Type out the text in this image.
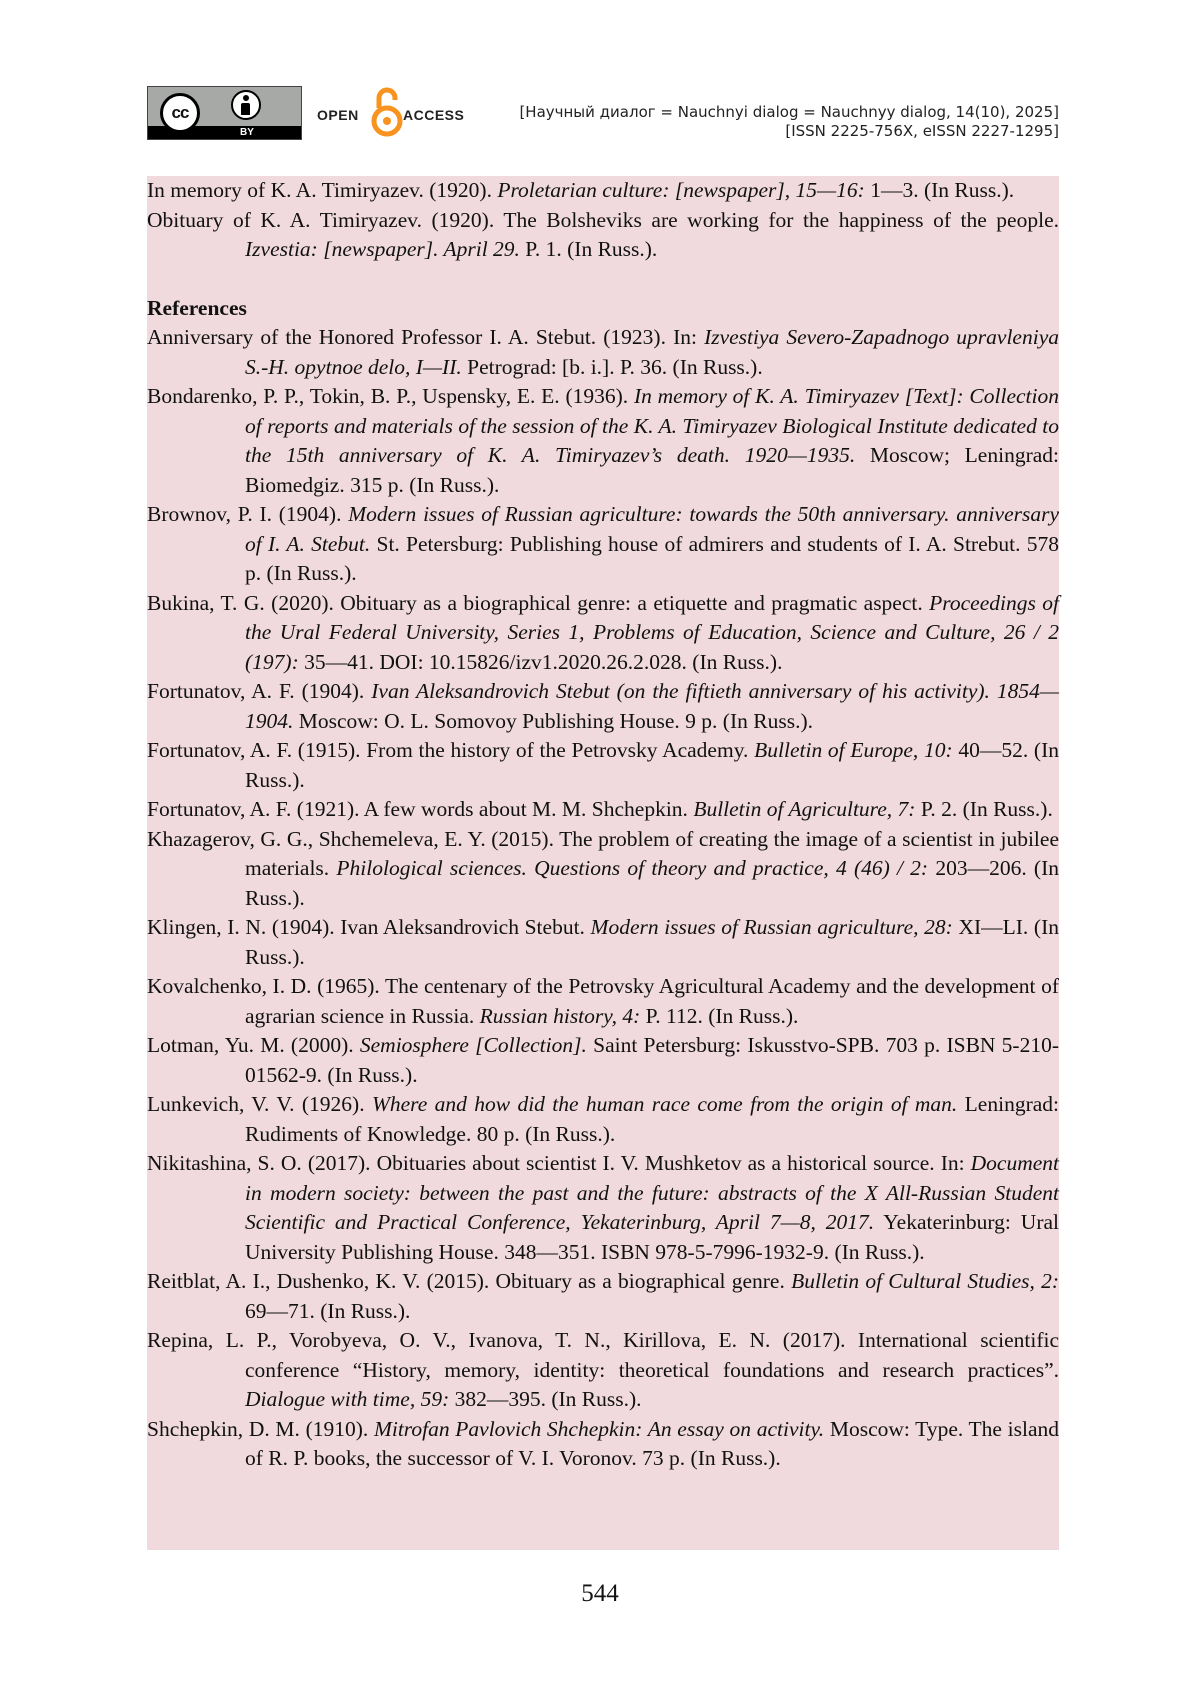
cc
BY
OPEN	ACCESS	[Научный диалог = Nauchnyi dialog = Nauchnyy dialog, 14(10), 2025]
[ISSN 2225-756X, eISSN 2227-1295]

In memory of K. A. Timiryazev. (1920). Proletarian culture: [newspaper], 15—16: 1—3. (In Russ.).

Obituary of K. A. Timiryazev. (1920). The Bolsheviks are working for the happiness of the people. Izvestia: [newspaper]. April 29. P. 1. (In Russ.).

References

Anniversary of the Honored Professor I. A. Stebut. (1923). In: Izvestiya Severo-Zapadnogo upravleniya S.-H. opytnoe delo, I—II. Petrograd: [b. i.]. P. 36. (In Russ.).

Bondarenko, P. P., Tokin, B. P., Uspensky, E. E. (1936). In memory of K. A. Timiryazev [Text]: Collection of reports and materials of the session of the K. A. Timiryazev Biological Institute dedicated to the 15th anniversary of K. A. Timiryazev’s death. 1920—1935. Moscow; Leningrad: Biomedgiz. 315 p. (In Russ.).

Brownov, P. I. (1904). Modern issues of Russian agriculture: towards the 50th anniversary. anniversary of I. A. Stebut. St. Petersburg: Publishing house of admirers and students of I. A. Strebut. 578 p. (In Russ.).

Bukina, T. G. (2020). Obituary as a biographical genre: a etiquette and pragmatic aspect. Proceedings of the Ural Federal University, Series 1, Problems of Education, Science and Culture, 26 / 2 (197): 35—41. DOI: 10.15826/izv1.2020.26.2.028. (In Russ.).

Fortunatov, A. F. (1904). Ivan Aleksandrovich Stebut (on the fiftieth anniversary of his activity). 1854—1904. Moscow: O. L. Somovoy Publishing House. 9 p. (In Russ.).

Fortunatov, A. F. (1915). From the history of the Petrovsky Academy. Bulletin of Europe, 10: 40—52. (In Russ.).

Fortunatov, A. F. (1921). A few words about M. M. Shchepkin. Bulletin of Agriculture, 7: P. 2. (In Russ.).

Khazagerov, G. G., Shchemeleva, E. Y. (2015). The problem of creating the image of a scientist in jubilee materials. Philological sciences. Questions of theory and practice, 4 (46) / 2: 203—206. (In Russ.).

Klingen, I. N. (1904). Ivan Aleksandrovich Stebut. Modern issues of Russian agriculture, 28: XI—LI. (In Russ.).

Kovalchenko, I. D. (1965). The centenary of the Petrovsky Agricultural Academy and the development of agrarian science in Russia. Russian history, 4: P. 112. (In Russ.).

Lotman, Yu. M. (2000). Semiosphere [Collection]. Saint Petersburg: Iskusstvo-SPB. 703 p. ISBN 5-210-01562-9. (In Russ.).

Lunkevich, V. V. (1926). Where and how did the human race come from the origin of man. Leningrad: Rudiments of Knowledge. 80 p. (In Russ.).

Nikitashina, S. O. (2017). Obituaries about scientist I. V. Mushketov as a historical source. In: Document in modern society: between the past and the future: abstracts of the X All-Russian Student Scientific and Practical Conference, Yekaterinburg, April 7—8, 2017. Yekaterinburg: Ural University Publishing House. 348—351. ISBN 978-5-7996-1932-9. (In Russ.).

Reitblat, A. I., Dushenko, K. V. (2015). Obituary as a biographical genre. Bulletin of Cultural Studies, 2: 69—71. (In Russ.).

Repina, L. P., Vorobyeva, O. V., Ivanova, T. N., Kirillova, E. N. (2017). International scientific conference “History, memory, identity: theoretical foundations and research practices”. Dialogue with time, 59: 382—395. (In Russ.).

Shchepkin, D. M. (1910). Mitrofan Pavlovich Shchepkin: An essay on activity. Moscow: Type. The island of R. P. books, the successor of V. I. Voronov. 73 p. (In Russ.).

544
